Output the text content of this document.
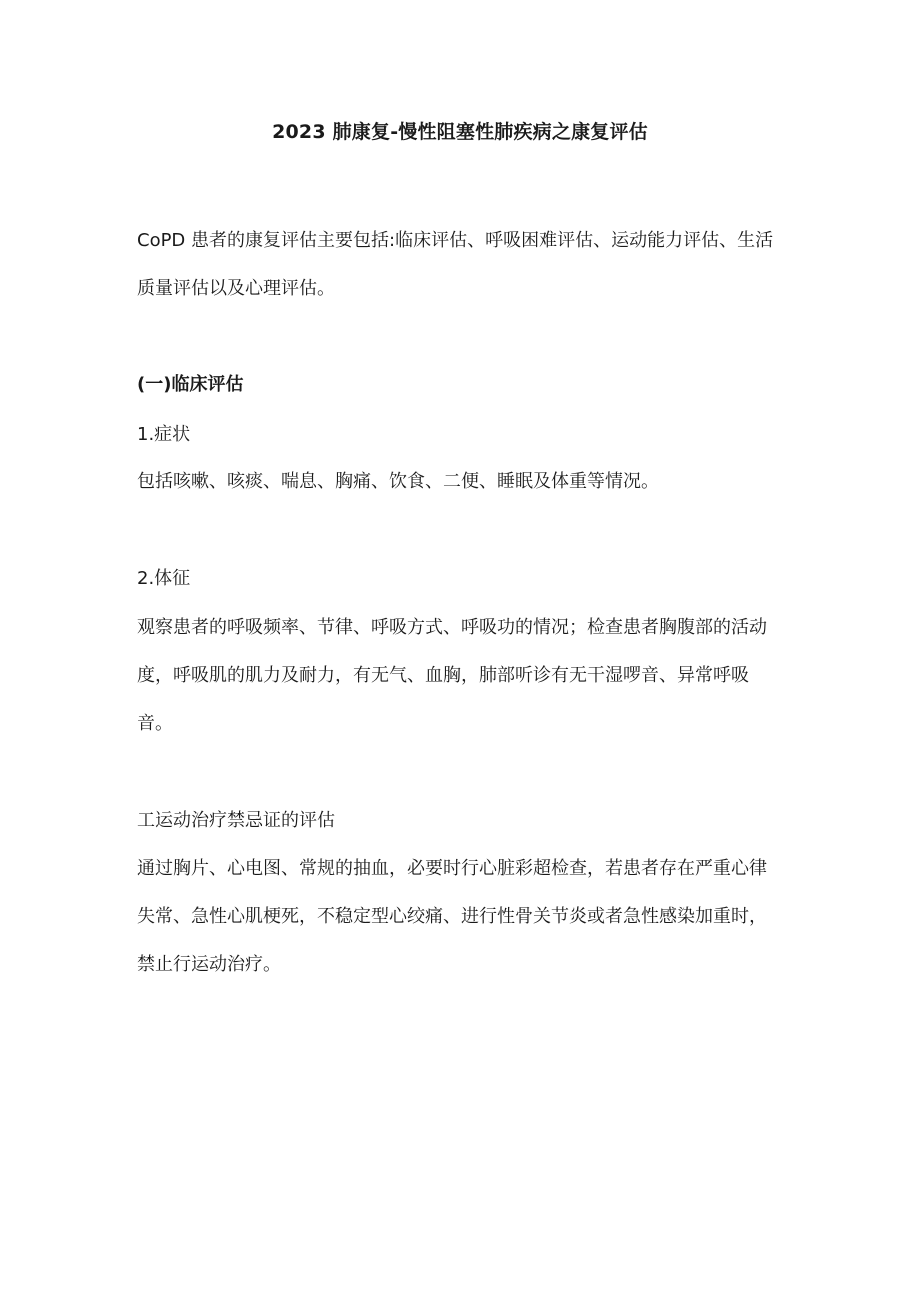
2023 肺康复-慢性阻塞性肺疾病之康复评估

CoPD 患者的康复评估主要包括:临床评估、呼吸困难评估、运动能力评估、生活质量评估以及心理评估。

(一)临床评估

1.症状

包括咳嗽、咳痰、喘息、胸痛、饮食、二便、睡眠及体重等情况。

2.体征

观察患者的呼吸频率、节律、呼吸方式、呼吸功的情况；检查患者胸腹部的活动度，呼吸肌的肌力及耐力，有无气、血胸，肺部听诊有无干湿啰音、异常呼吸音。

工运动治疗禁忌证的评估

通过胸片、心电图、常规的抽血，必要时行心脏彩超检查，若患者存在严重心律失常、急性心肌梗死，不稳定型心绞痛、进行性骨关节炎或者急性感染加重时，禁止行运动治疗。
